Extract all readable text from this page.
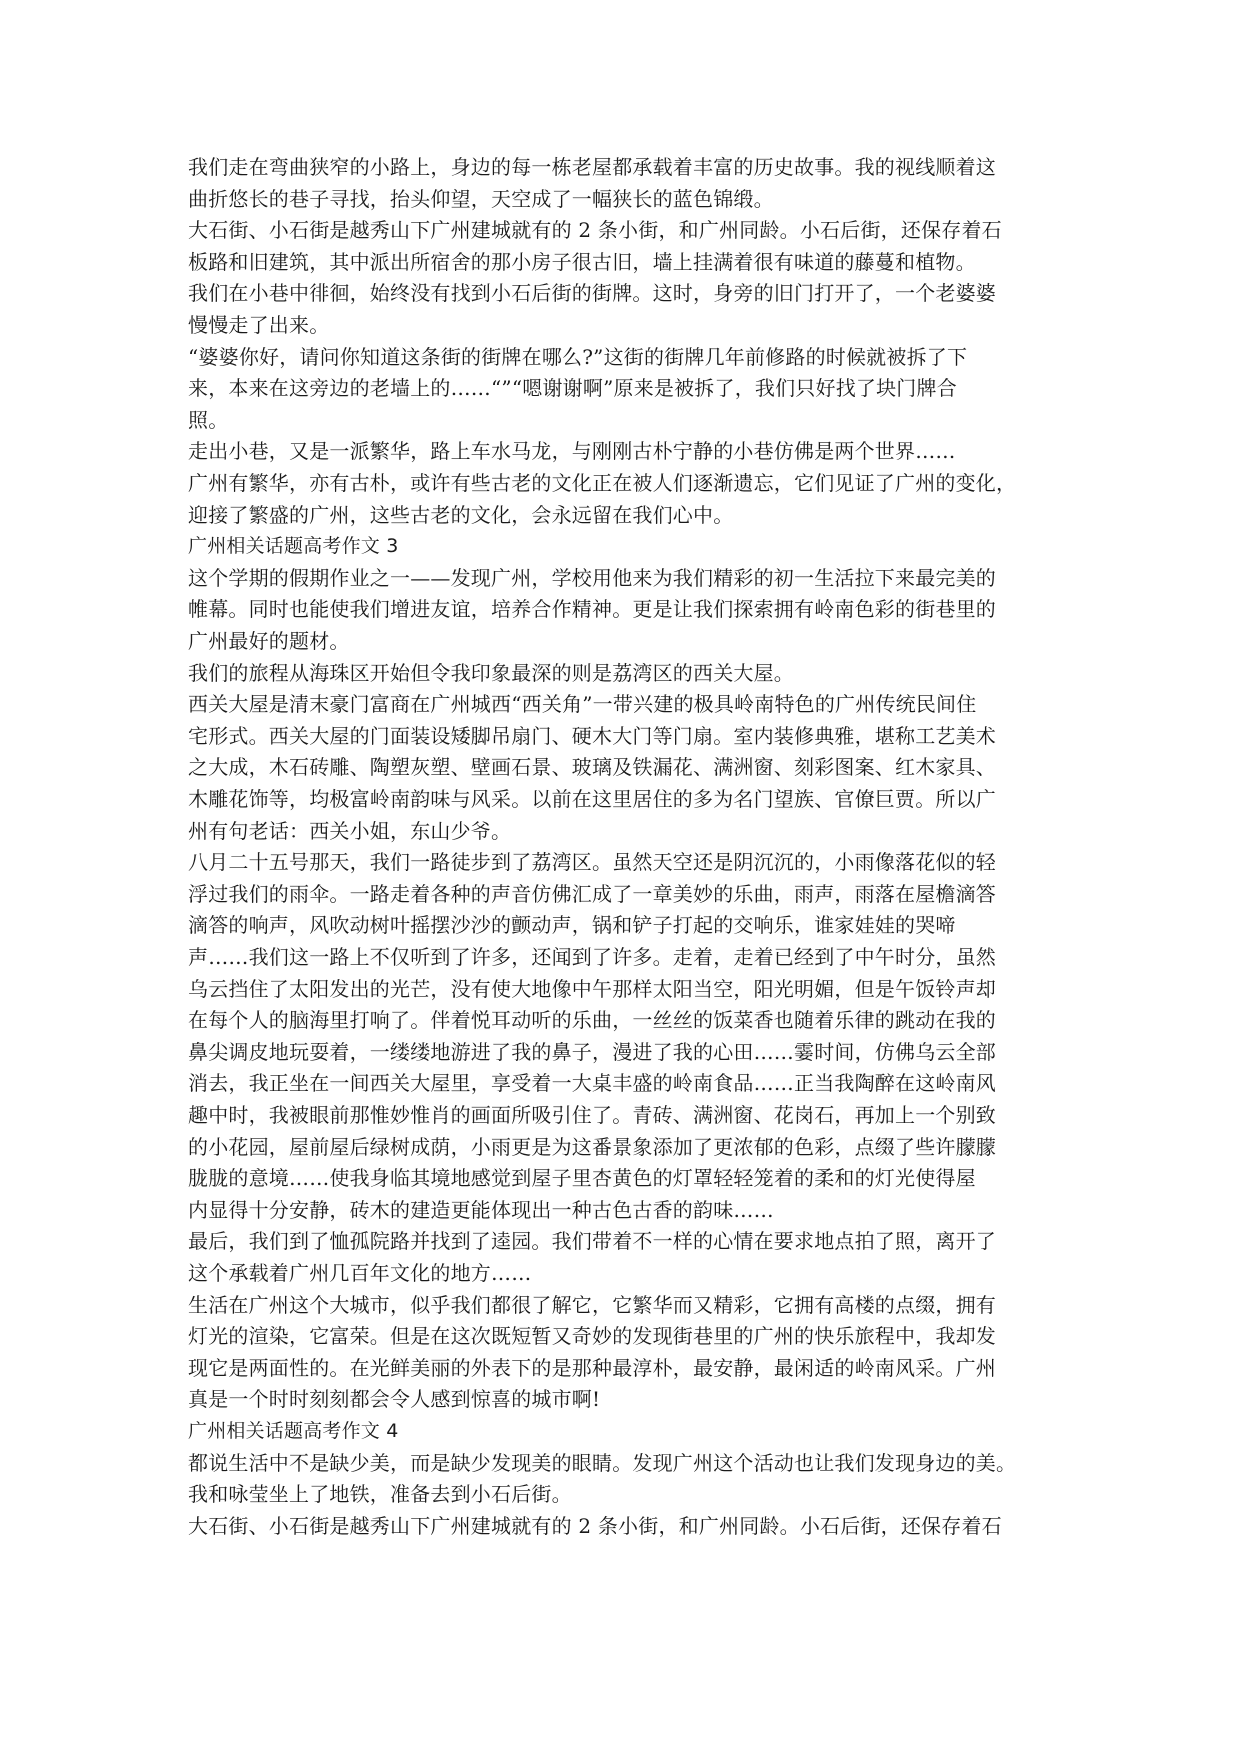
我们走在弯曲狭窄的小路上，身边的每一栋老屋都承载着丰富的历史故事。我的视线顺着这

曲折悠长的巷子寻找，抬头仰望，天空成了一幅狭长的蓝色锦缎。

大石街、小石街是越秀山下广州建城就有的 2 条小街，和广州同龄。小石后街，还保存着石

板路和旧建筑，其中派出所宿舍的那小房子很古旧，墙上挂满着很有味道的藤蔓和植物。

我们在小巷中徘徊，始终没有找到小石后街的街牌。这时，身旁的旧门打开了，一个老婆婆

慢慢走了出来。

“婆婆你好，请问你知道这条街的街牌在哪么?”这街的街牌几年前修路的时候就被拆了下

来，本来在这旁边的老墙上的……“”“嗯谢谢啊”原来是被拆了，我们只好找了块门牌合

照。

走出小巷，又是一派繁华，路上车水马龙，与刚刚古朴宁静的小巷仿佛是两个世界……

广州有繁华，亦有古朴，或许有些古老的文化正在被人们逐渐遗忘，它们见证了广州的变化，

迎接了繁盛的广州，这些古老的文化，会永远留在我们心中。

广州相关话题高考作文 3

这个学期的假期作业之一——发现广州，学校用他来为我们精彩的初一生活拉下来最完美的

帷幕。同时也能使我们增进友谊，培养合作精神。更是让我们探索拥有岭南色彩的街巷里的

广州最好的题材。

我们的旅程从海珠区开始但令我印象最深的则是荔湾区的西关大屋。

西关大屋是清末豪门富商在广州城西“西关角”一带兴建的极具岭南特色的广州传统民间住

宅形式。西关大屋的门面装设矮脚吊扇门、硬木大门等门扇。室内装修典雅，堪称工艺美术

之大成，木石砖雕、陶塑灰塑、壁画石景、玻璃及铁漏花、满洲窗、刻彩图案、红木家具、

木雕花饰等，均极富岭南韵味与风采。以前在这里居住的多为名门望族、官僚巨贾。所以广

州有句老话：西关小姐，东山少爷。

八月二十五号那天，我们一路徒步到了荔湾区。虽然天空还是阴沉沉的，小雨像落花似的轻

浮过我们的雨伞。一路走着各种的声音仿佛汇成了一章美妙的乐曲，雨声，雨落在屋檐滴答

滴答的响声，风吹动树叶摇摆沙沙的颤动声，锅和铲子打起的交响乐，谁家娃娃的哭啼

声……我们这一路上不仅听到了许多，还闻到了许多。走着，走着已经到了中午时分，虽然

乌云挡住了太阳发出的光芒，没有使大地像中午那样太阳当空，阳光明媚，但是午饭铃声却

在每个人的脑海里打响了。伴着悦耳动听的乐曲，一丝丝的饭菜香也随着乐律的跳动在我的

鼻尖调皮地玩耍着，一缕缕地游进了我的鼻子，漫进了我的心田……霎时间，仿佛乌云全部

消去，我正坐在一间西关大屋里，享受着一大桌丰盛的岭南食品……正当我陶醉在这岭南风

趣中时，我被眼前那惟妙惟肖的画面所吸引住了。青砖、满洲窗、花岗石，再加上一个别致

的小花园，屋前屋后绿树成荫，小雨更是为这番景象添加了更浓郁的色彩，点缀了些许朦朦

胧胧的意境……使我身临其境地感觉到屋子里杏黄色的灯罩轻轻笼着的柔和的灯光使得屋

内显得十分安静，砖木的建造更能体现出一种古色古香的韵味……

最后，我们到了恤孤院路并找到了逵园。我们带着不一样的心情在要求地点拍了照，离开了

这个承载着广州几百年文化的地方……

生活在广州这个大城市，似乎我们都很了解它，它繁华而又精彩，它拥有高楼的点缀，拥有

灯光的渲染，它富荣。但是在这次既短暂又奇妙的发现街巷里的广州的快乐旅程中，我却发

现它是两面性的。在光鲜美丽的外表下的是那种最淳朴，最安静，最闲适的岭南风采。广州

真是一个时时刻刻都会令人感到惊喜的城市啊!

广州相关话题高考作文 4

都说生活中不是缺少美，而是缺少发现美的眼睛。发现广州这个活动也让我们发现身边的美。

我和咏莹坐上了地铁，准备去到小石后街。

大石街、小石街是越秀山下广州建城就有的 2 条小街，和广州同龄。小石后街，还保存着石
